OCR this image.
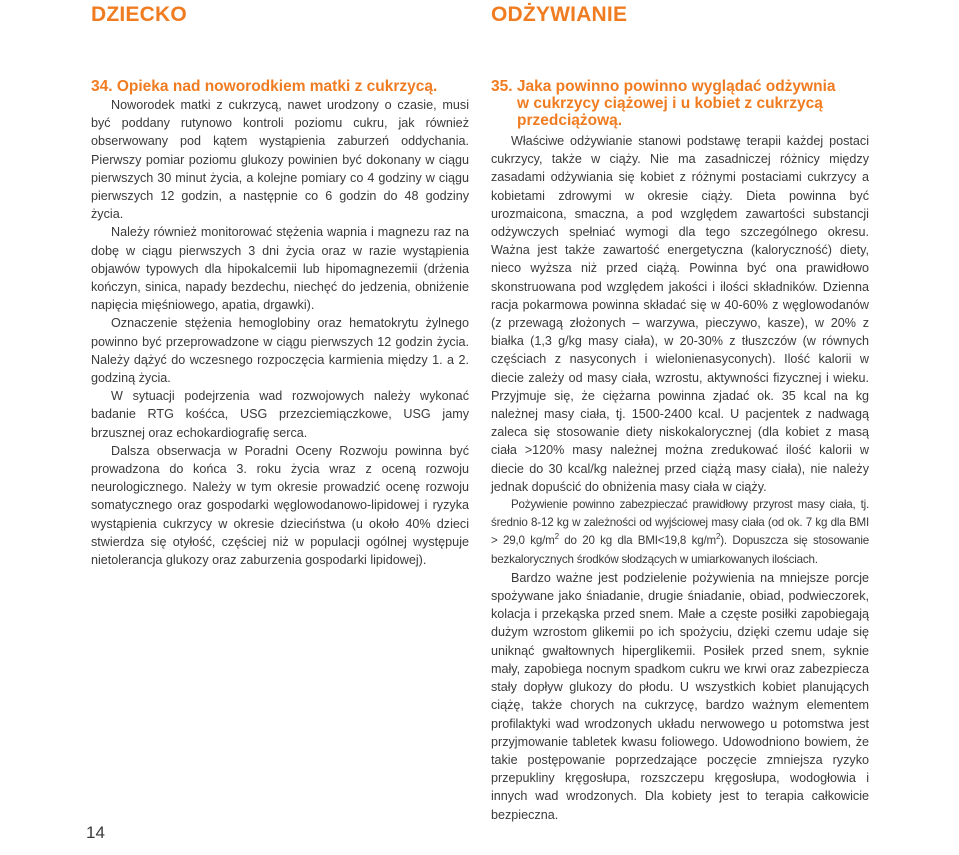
DZIECKO	ODŻYWIANIE
34. Opieka nad noworodkiem matki z cukrzycą.

Noworodek matki z cukrzycą, nawet urodzony o czasie, musi być poddany rutynowo kontroli poziomu cukru, jak również obserwowany pod kątem wystąpienia zaburzeń oddychania. Pierwszy pomiar poziomu glukozy powinien być dokonany w ciągu pierwszych 30 minut życia, a kolejne pomiary co 4 godziny w ciągu pierwszych 12 godzin, a następnie co 6 godzin do 48 godziny życia.

Należy również monitorować stężenia wapnia i magnezu raz na dobę w ciągu pierwszych 3 dni życia oraz w razie wystąpienia objawów typowych dla hipokalcemii lub hipomagnezemii (drżenia kończyn, sinica, napady bezdechu, niechęć do jedzenia, obniżenie napięcia mięśniowego, apatia, drgawki).

Oznaczenie stężenia hemoglobiny oraz hematokrytu żylnego powinno być przeprowadzone w ciągu pierwszych 12 godzin życia. Należy dążyć do wczesnego rozpoczęcia karmienia między 1. a 2. godziną życia.

W sytuacji podejrzenia wad rozwojowych należy wykonać badanie RTG kośćca, USG przezciemiączkowe, USG jamy brzusznej oraz echokardiografię serca.

Dalsza obserwacja w Poradni Oceny Rozwoju powinna być prowadzona do końca 3. roku życia wraz z oceną rozwoju neurologicznego. Należy w tym okresie prowadzić ocenę rozwoju somatycznego oraz gospodarki węglowodanowo-lipidowej i ryzyka wystąpienia cukrzycy w okresie dzieciństwa (u około 40% dzieci stwierdza się otyłość, częściej niż w populacji ogólnej występuje nietolerancja glukozy oraz zaburzenia gospodarki lipidowej).

35. Jaka powinno powinno wyglądać odżywnia
w cukrzycy ciążowej i u kobiet z cukrzycą
przedciążową.

Właściwe odżywianie stanowi podstawę terapii każdej postaci cukrzycy, także w ciąży. Nie ma zasadniczej różnicy między zasadami odżywiania się kobiet z różnymi postaciami cukrzycy a kobietami zdrowymi w okresie ciąży. Dieta powinna być urozmaicona, smaczna, a pod względem zawartości substancji odżywczych spełniać wymogi dla tego szczególnego okresu. Ważna jest także zawartość energetyczna (kaloryczność) diety, nieco wyższa niż przed ciążą. Powinna być ona prawidłowo skonstruowana pod względem jakości i ilości składników. Dzienna racja pokarmowa powinna składać się w 40-60% z węglowodanów (z przewagą złożonych – warzywa, pieczywo, kasze), w 20% z białka (1,3 g/kg masy ciała), w 20-30% z tłuszczów (w równych częściach z nasyconych i wielonienasyconych). Ilość kalorii w diecie zależy od masy ciała, wzrostu, aktywności fizycznej i wieku. Przyjmuje się, że ciężarna powinna zjadać ok. 35 kcal na kg należnej masy ciała, tj. 1500-2400 kcal. U pacjentek z nadwagą zaleca się stosowanie diety niskokalorycznej (dla kobiet z masą ciała >120% masy należnej można zredukować ilość kalorii w diecie do 30 kcal/kg należnej przed ciążą masy ciała), nie należy jednak dopuścić do obniżenia masy ciała w ciąży.

Pożywienie powinno zabezpieczać prawidłowy przyrost masy ciała, tj. średnio 8-12 kg w zależności od wyjściowej masy ciała (od ok. 7 kg dla BMI > 29,0 $kg/m^2$ do 20 kg dla BMI<19,8 $kg/m^2$). Dopuszcza się stosowanie bezkalorycznych środków słodzących w umiarkowanych ilościach.

Bardzo ważne jest podzielenie pożywienia na mniejsze porcje spożywane jako śniadanie, drugie śniadanie, obiad, podwieczorek, kolacja i przekąska przed snem. Małe a częste posiłki zapobiegają dużym wzrostom glikemii po ich spożyciu, dzięki czemu udaje się uniknąć gwałtownych hiperglikemii. Posiłek przed snem, syknie mały, zapobiega nocnym spadkom cukru we krwi oraz zabezpiecza stały dopływ glukozy do płodu. U wszystkich kobiet planujących ciążę, także chorych na cukrzycę, bardzo ważnym elementem profilaktyki wad wrodzonych układu nerwowego u potomstwa jest przyjmowanie tabletek kwasu foliowego. Udowodniono bowiem, że takie postępowanie poprzedzające poczęcie zmniejsza ryzyko przepukliny kręgosłupa, rozszczepu kręgosłupa, wodogłowia i innych wad wrodzonych. Dla kobiety jest to terapia całkowicie bezpieczna.

14
